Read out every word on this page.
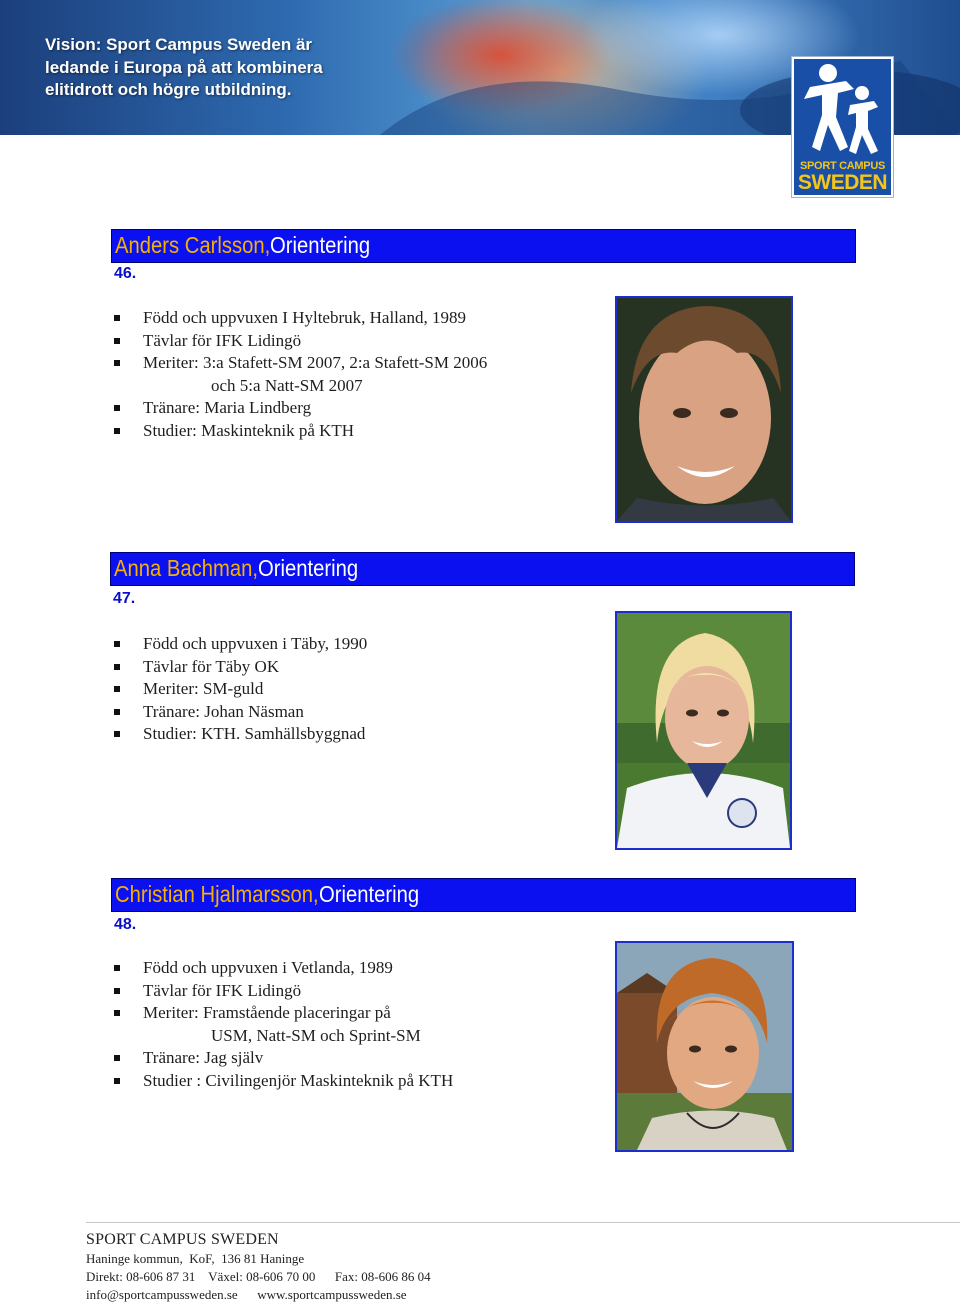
Vision: Sport Campus Sweden är
ledande i Europa på att kombinera
elitidrott och högre utbildning.
SPORT CAMPUS
SWEDEN
Anders Carlsson,Orientering
46.
Född och uppvuxen I Hyltebruk, Halland, 1989
Tävlar för IFK Lidingö
Meriter: 3:a Stafett-SM 2007, 2:a Stafett-SM 2006
och 5:a Natt-SM 2007
Tränare: Maria Lindberg
Studier: Maskinteknik på KTH
Anna Bachman,Orientering
47.
Född och uppvuxen i Täby, 1990
Tävlar för Täby OK
Meriter: SM-guld
Tränare: Johan Näsman
Studier: KTH. Samhällsbyggnad
Christian Hjalmarsson,Orientering
48.
Född och uppvuxen i Vetlanda, 1989
Tävlar för IFK Lidingö
Meriter: Framstående placeringar på
USM, Natt-SM och Sprint-SM
Tränare: Jag själv
Studier : Civilingenjör Maskinteknik på KTH
SPORT CAMPUS SWEDEN
Haninge kommun,  KoF,  136 81 Haninge
Direkt: 08-606 87 31    Växel: 08-606 70 00      Fax: 08-606 86 04
info@sportcampussweden.se      www.sportcampussweden.se
